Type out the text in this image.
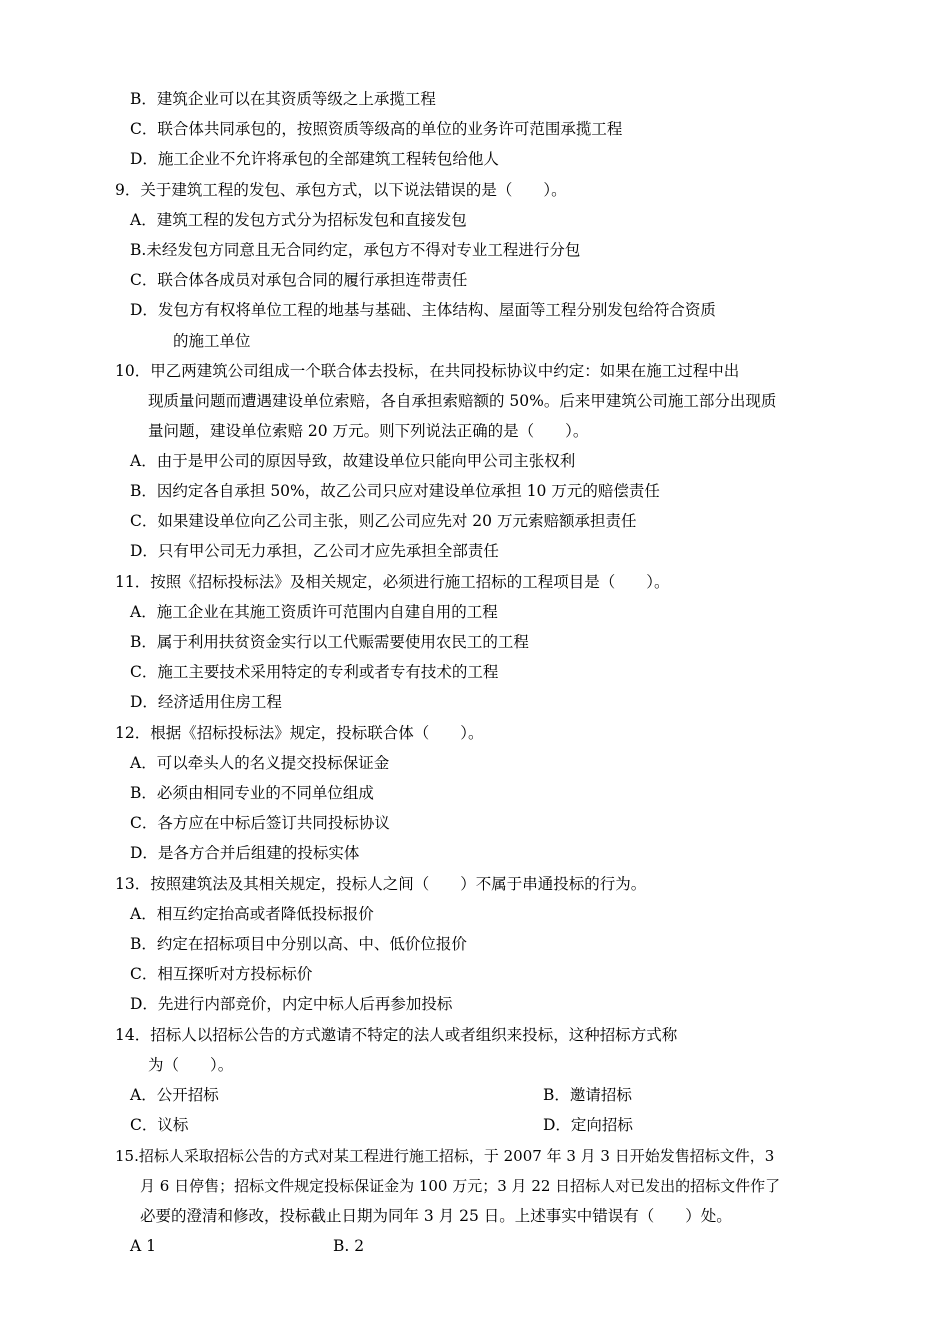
B．建筑企业可以在其资质等级之上承揽工程
C．联合体共同承包的，按照资质等级高的单位的业务许可范围承揽工程
D．施工企业不允许将承包的全部建筑工程转包给他人
9．关于建筑工程的发包、承包方式，以下说法错误的是（　　）。
A．建筑工程的发包方式分为招标发包和直接发包
B.未经发包方同意且无合同约定，承包方不得对专业工程进行分包
C．联合体各成员对承包合同的履行承担连带责任
D．发包方有权将单位工程的地基与基础、主体结构、屋面等工程分别发包给符合资质
的施工单位
10．甲乙两建筑公司组成一个联合体去投标，在共同投标协议中约定：如果在施工过程中出
现质量问题而遭遇建设单位索赔，各自承担索赔额的 50%。后来甲建筑公司施工部分出现质
量问题，建设单位索赔 20 万元。则下列说法正确的是（　　）。
A．由于是甲公司的原因导致，故建设单位只能向甲公司主张权利
B．因约定各自承担 50%，故乙公司只应对建设单位承担 10 万元的赔偿责任
C．如果建设单位向乙公司主张，则乙公司应先对 20 万元索赔额承担责任
D．只有甲公司无力承担，乙公司才应先承担全部责任
11．按照《招标投标法》及相关规定，必须进行施工招标的工程项目是（　　）。
A．施工企业在其施工资质许可范围内自建自用的工程
B．属于利用扶贫资金实行以工代赈需要使用农民工的工程
C．施工主要技术采用特定的专利或者专有技术的工程
D．经济适用住房工程
12．根据《招标投标法》规定，投标联合体（　　）。
A．可以牵头人的名义提交投标保证金
B．必须由相同专业的不同单位组成
C．各方应在中标后签订共同投标协议
D．是各方合并后组建的投标实体
13．按照建筑法及其相关规定，投标人之间（　　）不属于串通投标的行为。
A．相互约定抬高或者降低投标报价
B．约定在招标项目中分别以高、中、低价位报价
C．相互探听对方投标标价
D．先进行内部竞价，内定中标人后再参加投标
14．招标人以招标公告的方式邀请不特定的法人或者组织来投标，这种招标方式称
为（　　）。
A．公开招标	B．邀请招标
C．议标	D．定向招标
15.招标人采取招标公告的方式对某工程进行施工招标，于 2007 年 3 月 3 日开始发售招标文件，3
月 6 日停售；招标文件规定投标保证金为 100 万元；3 月 22 日招标人对已发出的招标文件作了
必要的澄清和修改，投标截止日期为同年 3 月 25 日。上述事实中错误有（　　）处。
A 1	B. 2
